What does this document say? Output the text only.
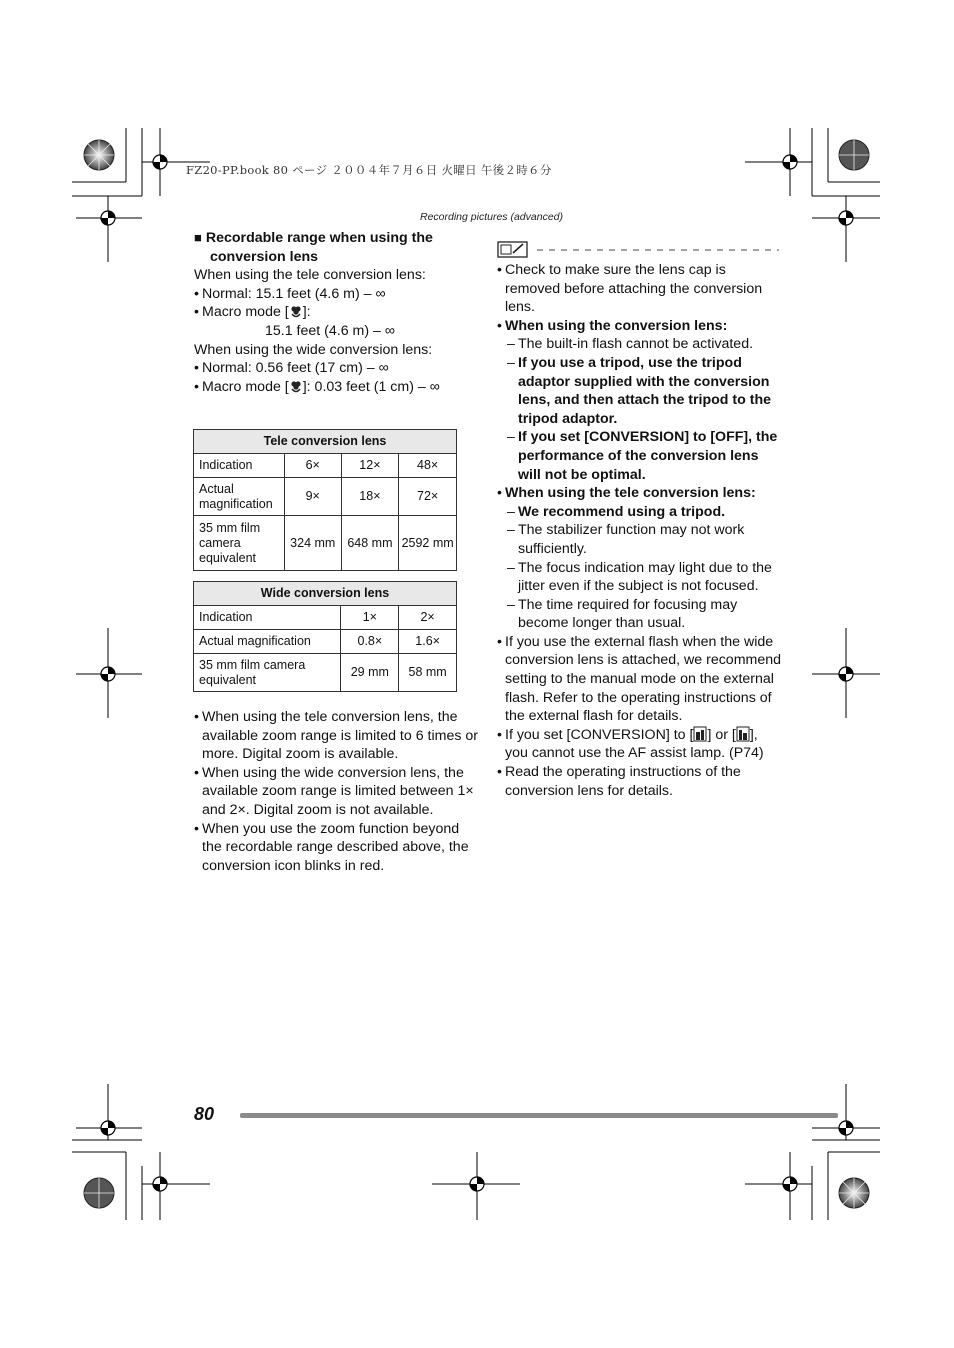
FZ20-PP.book 80 ページ ２００４年７月６日 火曜日 午後２時６分
Recording pictures (advanced)

■ Recordable range when using the

conversion lens

When using the tele conversion lens:

• Normal: 15.1 feet (4.6 m) – ∞
• Macro mode [ ]:

15.1 feet (4.6 m) – ∞

When using the wide conversion lens:

• Normal: 0.56 feet (17 cm) – ∞
• Macro mode [ ]: 0.03 feet (1 cm) – ∞
Tele conversion lens			
Indication	6×	12×	48×
Actual
magnification	9×	18×	72×
35 mm film
camera
equivalent	324 mm	648 mm	2592 mm
Wide conversion lens		
Indication	1×	2×
Actual magnification	0.8×	1.6×
35 mm film camera
equivalent	29 mm	58 mm
• When using the tele conversion lens, the available zoom range is limited to 6 times or more. Digital zoom is available.
• When using the wide conversion lens, the available zoom range is limited between 1× and 2×. Digital zoom is not available.
• When you use the zoom function beyond the recordable range described above, the conversion icon blinks in red.
• Check to make sure the lens cap is removed before attaching the conversion lens.
• When using the conversion lens:
– The built-in flash cannot be activated.
– If you use a tripod, use the tripod adaptor supplied with the conversion lens, and then attach the tripod to the tripod adaptor.
– If you set [CONVERSION] to [OFF], the performance of the conversion lens will not be optimal.
• When using the tele conversion lens:
– We recommend using a tripod.
– The stabilizer function may not work sufficiently.
– The focus indication may light due to the jitter even if the subject is not focused.
– The time required for focusing may become longer than usual.
• If you use the external flash when the wide conversion lens is attached, we recommend setting to the manual mode on the external flash. Refer to the operating instructions of the external flash for details.
• If you set [CONVERSION] to [ ] or [ ], you cannot use the AF assist lamp. (P74)
• Read the operating instructions of the conversion lens for details.
80
